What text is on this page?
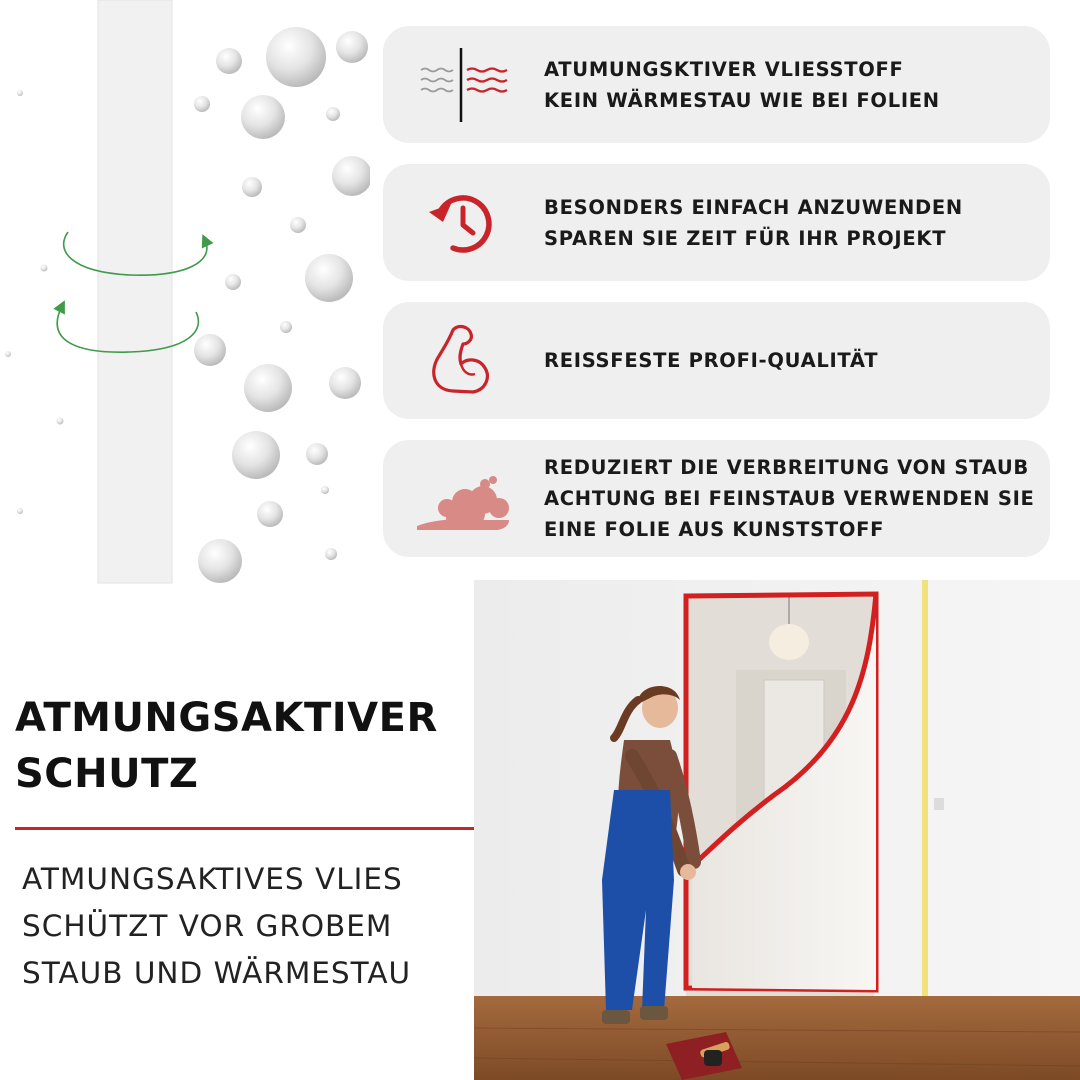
ATUMUNGSKTIVER VLIESSTOFF
KEIN WÄRMESTAU WIE BEI FOLIEN
BESONDERS EINFACH ANZUWENDEN
SPAREN SIE ZEIT FÜR IHR PROJEKT
REISSFESTE PROFI-QUALITÄT
REDUZIERT DIE VERBREITUNG VON STAUB
ACHTUNG BEI FEINSTAUB VERWENDEN SIE
EINE FOLIE AUS KUNSTSTOFF
ATMUNGSAKTIVER
SCHUTZ
ATMUNGSAKTIVES VLIES
SCHÜTZT VOR GROBEM
STAUB UND WÄRMESTAU
